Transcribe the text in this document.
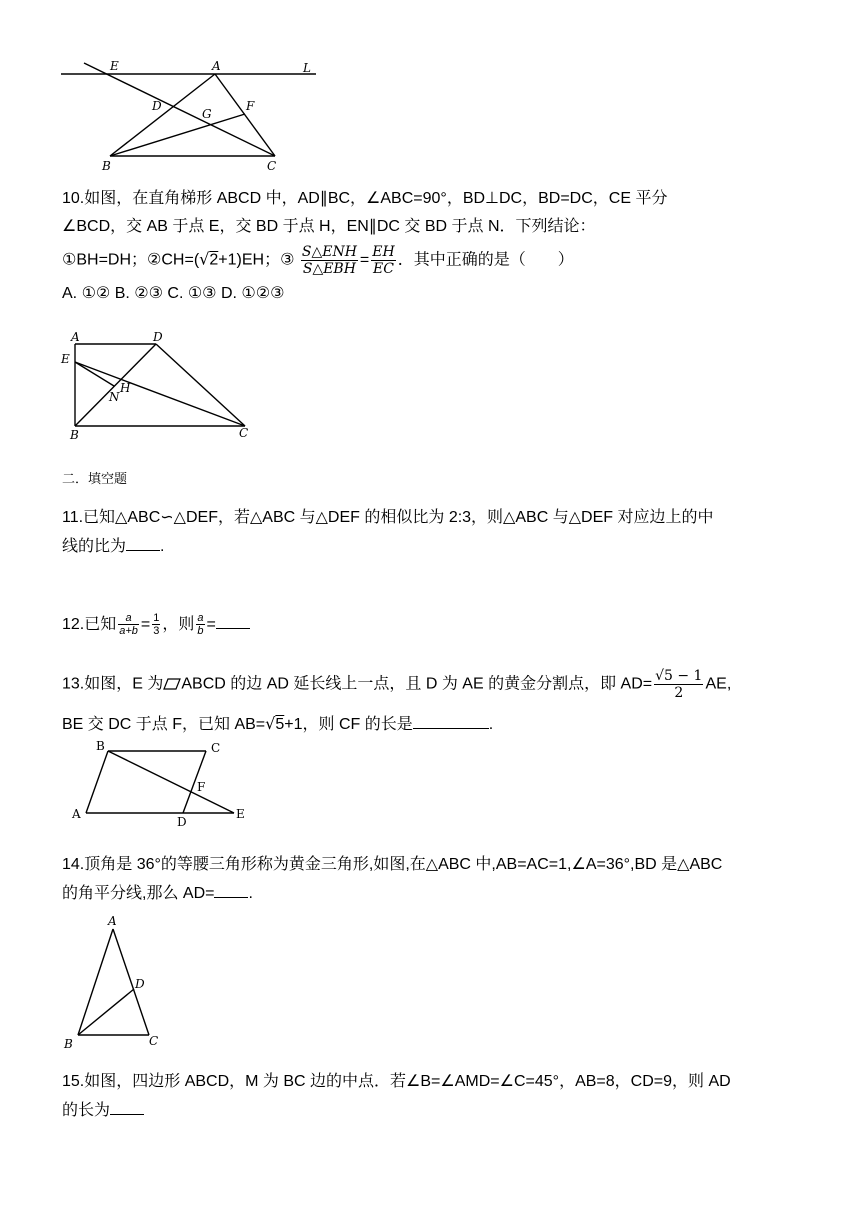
E	A	L
D
G
F
B	C
10.如图，在直角梯形 ABCD 中，AD∥BC，∠ABC=90°，BD⊥DC，BD=DC，CE 平分
∠BCD，交 AB 于点 E，交 BD 于点 H，EN∥DC 交 BD 于点 N．下列结论：
①BH=DH；②CH=(√2+1)EH；③ $\frac{\text{S△ENH}}{\text{S△EBH}} = \frac{EH}{EC}$ ．其中正确的是（　　）
A. ①② B. ②③ C. ①③ D. ①②③
A	D
E
H
N
B	C
二．填空题
11.已知△ABC∽△DEF，若△ABC 与△DEF 的相似比为 2:3，则△ABC 与△DEF 对应边上的中
线的比为 .
12.已知 $\frac{a}{a+b} = \frac{1}{3}$ ，则 $\frac{a}{b}$ =
13.如图，E 为 ABCD 的边 AD 延长线上一点，且 D 为 AE 的黄金分割点，即 $AD= \frac{√5 - 1}{2}$ AE,
BE 交 DC 于点 F，已知 AB=√5+1，则 CF 的长是	.
B	C
F
A
D
E
14.顶角是 36°的等腰三角形称为黄金三角形,如图,在△ABC 中,AB=AC=1,∠A=36°,BD 是△ABC
的角平分线,那么 AD= .
A
D
B	C
15.如图，四边形 ABCD，M 为 BC 边的中点．若∠B=∠AMD=∠C=45°，AB=8，CD=9，则 AD
的长为
